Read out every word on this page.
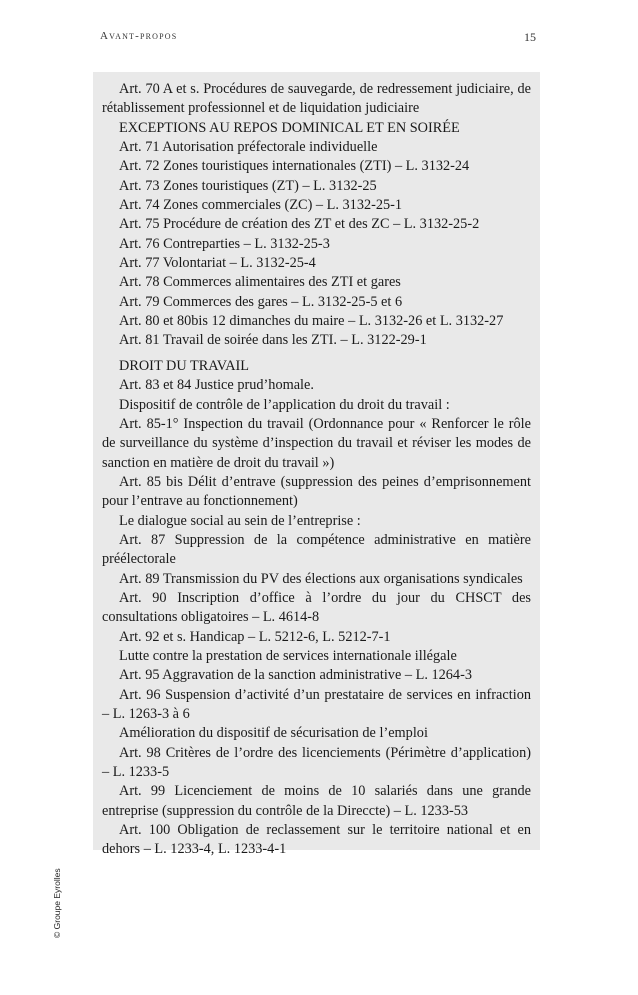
Avant-propos	15

Art. 70 A et s. Procédures de sauvegarde, de redressement judiciaire, de rétablissement professionnel et de liquidation judiciaire

EXCEPTIONS AU REPOS DOMINICAL ET EN SOIRÉE

Art. 71 Autorisation préfectorale individuelle

Art. 72 Zones touristiques internationales (ZTI) – L. 3132-24

Art. 73 Zones touristiques (ZT) – L. 3132-25

Art. 74 Zones commerciales (ZC) – L. 3132-25-1

Art. 75 Procédure de création des ZT et des ZC – L. 3132-25-2

Art. 76 Contreparties – L. 3132-25-3

Art. 77 Volontariat – L. 3132-25-4

Art. 78 Commerces alimentaires des ZTI et gares

Art. 79 Commerces des gares – L. 3132-25-5 et 6

Art. 80 et 80bis 12 dimanches du maire – L. 3132-26 et L. 3132-27

Art. 81 Travail de soirée dans les ZTI. – L. 3122-29-1

DROIT DU TRAVAIL

Art. 83 et 84 Justice prud’homale.

Dispositif de contrôle de l’application du droit du travail :

Art. 85-1° Inspection du travail (Ordonnance pour « Renforcer le rôle de surveillance du système d’inspection du travail et réviser les modes de sanction en matière de droit du travail »)

Art. 85 bis Délit d’entrave (suppression des peines d’emprisonnement pour l’entrave au fonctionnement)

Le dialogue social au sein de l’entreprise :

Art. 87 Suppression de la compétence administrative en matière préélectorale

Art. 89 Transmission du PV des élections aux organisations syndicales

Art. 90 Inscription d’office à l’ordre du jour du CHSCT des consultations obligatoires – L. 4614-8

Art. 92 et s. Handicap – L. 5212-6, L. 5212-7-1

Lutte contre la prestation de services internationale illégale

Art. 95 Aggravation de la sanction administrative – L. 1264-3

Art. 96 Suspension d’activité d’un prestataire de services en infraction – L. 1263-3 à 6

Amélioration du dispositif de sécurisation de l’emploi

Art. 98 Critères de l’ordre des licenciements (Périmètre d’application) – L. 1233-5

Art. 99 Licenciement de moins de 10 salariés dans une grande entreprise (suppression du contrôle de la Direccte) – L. 1233-53

Art. 100 Obligation de reclassement sur le territoire national et en dehors – L. 1233-4, L. 1233-4-1

© Groupe Eyrolles
